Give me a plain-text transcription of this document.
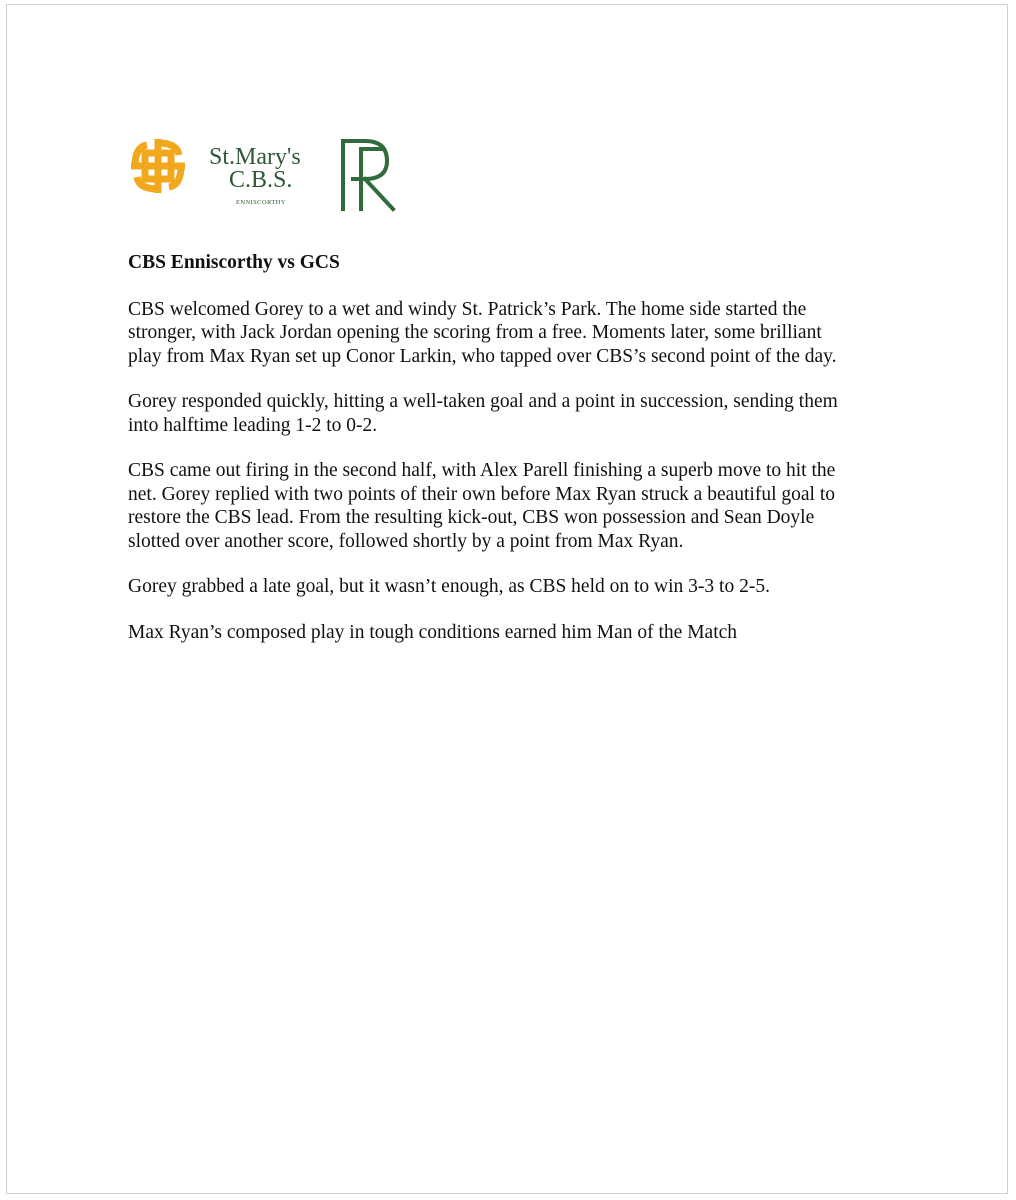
St.Mary's
C.B.S.
ENNISCORTHY
PR

CBS Enniscorthy vs GCS

CBS welcomed Gorey to a wet and windy St. Patrick’s Park. The home side started the
stronger, with Jack Jordan opening the scoring from a free. Moments later, some brilliant
play from Max Ryan set up Conor Larkin, who tapped over CBS’s second point of the day.

Gorey responded quickly, hitting a well-taken goal and a point in succession, sending them
into halftime leading 1-2 to 0-2.

CBS came out firing in the second half, with Alex Parell finishing a superb move to hit the
net. Gorey replied with two points of their own before Max Ryan struck a beautiful goal to
restore the CBS lead. From the resulting kick-out, CBS won possession and Sean Doyle
slotted over another score, followed shortly by a point from Max Ryan.

Gorey grabbed a late goal, but it wasn’t enough, as CBS held on to win 3-3 to 2-5.

Max Ryan’s composed play in tough conditions earned him Man of the Match
